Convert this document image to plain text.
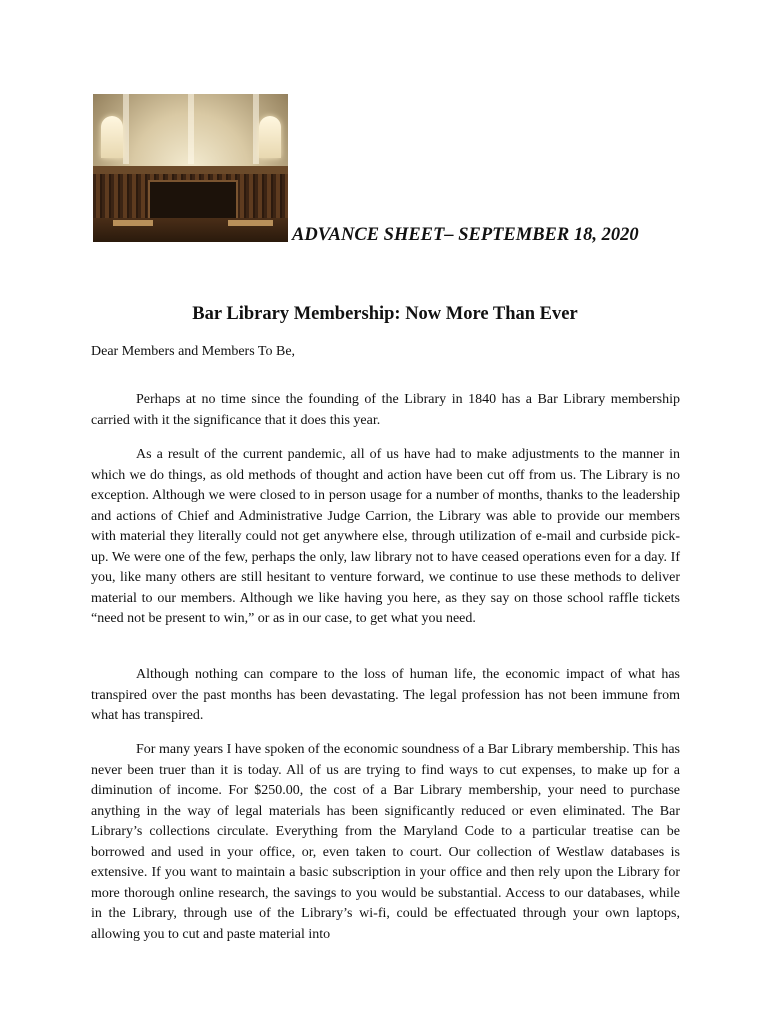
ADVANCE SHEET– SEPTEMBER 18, 2020
Bar Library Membership: Now More Than Ever
Dear Members and Members To Be,

Perhaps at no time since the founding of the Library in 1840 has a Bar Library membership carried with it the significance that it does this year.

As a result of the current pandemic, all of us have had to make adjustments to the manner in which we do things, as old methods of thought and action have been cut off from us. The Library is no exception. Although we were closed to in person usage for a number of months, thanks to the leadership and actions of Chief and Administrative Judge Carrion, the Library was able to provide our members with material they literally could not get anywhere else, through utilization of e-mail and curbside pick-up. We were one of the few, perhaps the only, law library not to have ceased operations even for a day. If you, like many others are still hesitant to venture forward, we continue to use these methods to deliver material to our members. Although we like having you here, as they say on those school raffle tickets “need not be present to win,” or as in our case, to get what you need.

Although nothing can compare to the loss of human life, the economic impact of what has transpired over the past months has been devastating. The legal profession has not been immune from what has transpired.

For many years I have spoken of the economic soundness of a Bar Library membership. This has never been truer than it is today. All of us are trying to find ways to cut expenses, to make up for a diminution of income. For $250.00, the cost of a Bar Library membership, your need to purchase anything in the way of legal materials has been significantly reduced or even eliminated. The Bar Library’s collections circulate. Everything from the Maryland Code to a particular treatise can be borrowed and used in your office, or, even taken to court. Our collection of Westlaw databases is extensive. If you want to maintain a basic subscription in your office and then rely upon the Library for more thorough online research, the savings to you would be substantial. Access to our databases, while in the Library, through use of the Library’s wi-fi, could be effectuated through your own laptops, allowing you to cut and paste material into
